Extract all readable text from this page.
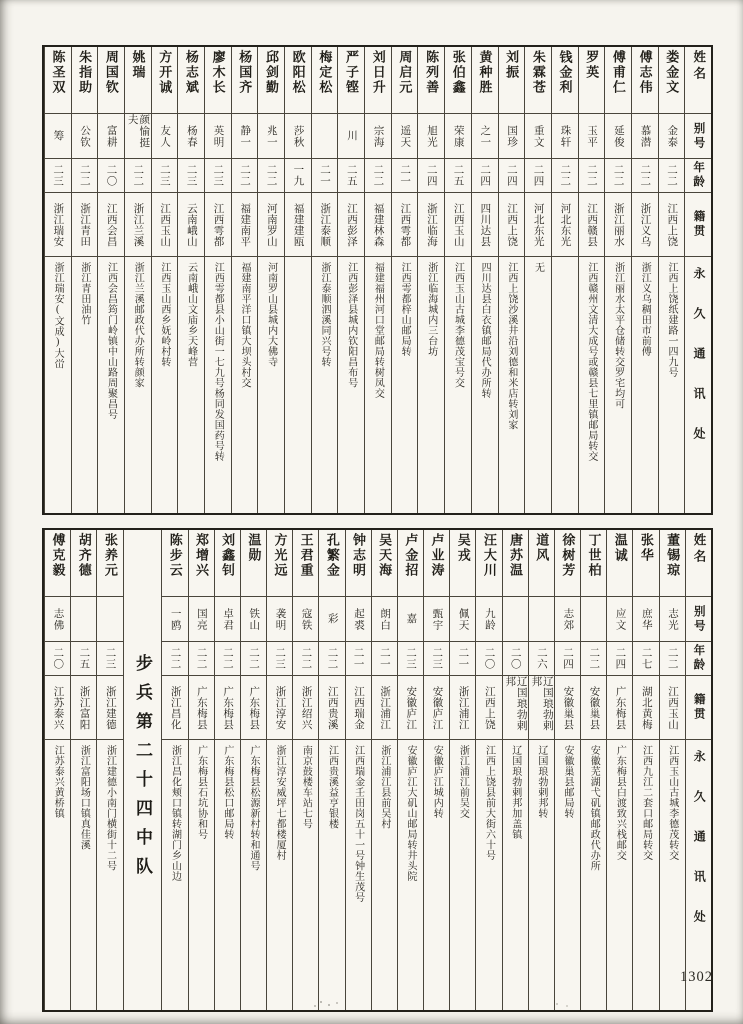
姓名
别号
年龄
籍贯
永久通讯处
娄金文
金泰
二二
江西上饶
江西上饶纸建路一四九号
傅志伟
慕潜
二二
浙江义乌
浙江义乌稠田市前傅
傅甫仁
延俊
二二
浙江丽水
浙江丽水太平仓储转交罗宅均可
罗英
玉平
二二
江西赣县
江西赣州文清大成号或赣县七里镇邮局转交
钱金利
珠轩
二二
河北东光
朱霖苍
重文
二四
河北东光
无
刘振
国珍
二四
江西上饶
江西上饶沙溪井沿刘德和米店转刘家
黄种胜
之一
二四
四川达县
四川达县白衣镇邮局代办所转
张伯鑫
荣康
二五
江西玉山
江西玉山古城李德茂宝号交
陈列善
旭光
二四
浙江临海
浙江临海城内三台坊
周启元
遥天
二一
江西雩都
江西雩都梓山邮局转
刘日升
宗海
二二
福建林森
福建福州河口堂邮局转树凤交
严子铿
川
二五
江西彭泽
江西彭泽县城内钦阳昌布号
梅定松
二一
浙江泰顺
浙江泰顺泗溪同兴号转
欧阳松
莎秋
一九
福建建瓯
邱剑勤
兆一
二二
河南罗山
河南罗山县城内大佛寺
杨国齐
静一
二二
福建南平
福建南平洋口镇大坝头村交
廖木长
英明
二三
江西雩都
江西雩都县小山街一七九号杨同发国药号转
杨志斌
杨春
二三
云南峨山
云南峨山文庙乡天峰营
方开诚
友人
二三
江西玉山
江西玉山西乡妩岭村转
姚瑞
颜愉挺夫
二二
浙江兰溪
浙江兰溪邮政代办所转颜家
周国钦
富耕
二〇
江西会昌
江西会昌筠门岭镇中山路周聚昌号
朱指助
公钦
二二
浙江青田
浙江青田油竹
陈圣双
筹
二三
浙江瑞安
浙江瑞安(文成)大峃
姓名
别号
年龄
籍贯
永久通讯处
董锡琼
志光
二二
江西玉山
江西玉山古城李德茂转交
张华
庶华
二七
湖北黄梅
江西九江二套口邮局转交
温诚
应文
二四
广东梅县
广东梅县白渡致兴栈邮交
丁世柏
二二
安徽巢县
安徽芜湖弋矶镇邮政代办所
徐树芳
志郊
二四
安徽巢县
安徽巢县邮局转
道风
二六
辽国琅勃剌邦
辽国琅勃剌邦转
唐苏温
二〇
辽国琅勃剌邦
辽国琅勃剌邦加盖镇
汪大川
九龄
二〇
江西上饶
江西上饶县前大街六十号
吴戎
佩天
二一
浙江浦江
浙江浦江前吴交
卢业涛
甄宇
二三
安徽庐江
安徽庐江城内转
卢金招
嘉
二三
安徽庐江
安徽庐江大矶山邮局转井头院
吴天海
朗白
二一
浙江浦江
浙江浦江县前吴村
钟志明
起裘
二一
江西瑞金
江西瑞金壬田岗五十一号钟生茂号
孔繁金
彩
二二
江西贵溪
江西贵溪益亨银楼
王君重
寇铁
二二
浙江绍兴
南京鼓楼车站七号
方光远
袭明
二三
浙江淳安
浙江淳安威坪七都楼厦村
温勋
铁山
二二
广东梅县
广东梅县松源新村转和通号
刘鑫钊
卓君
二二
广东梅县
广东梅县松口邮局转
郑增兴
国亮
二二
广东梅县
广东梅县石坑协和号
陈步云
一鸥
二二
浙江昌化
浙江昌化颊口镇转湖门乡山边
步兵第二十四中队
张养元
二三
浙江建德
浙江建德小南门横街十二号
胡齐德
二五
浙江富阳
浙江富阳场口镇真佳溪
傅克毅
志佛
二〇
江苏泰兴
江苏泰兴黄桥镇
1302
